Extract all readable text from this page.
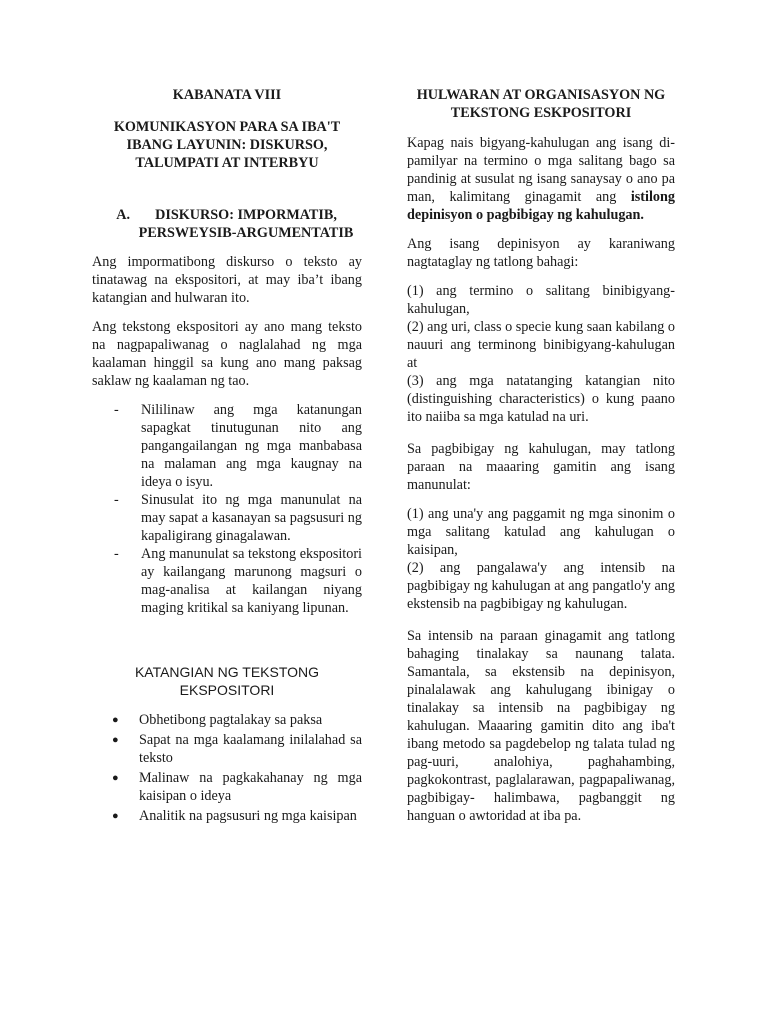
KABANATA VIII
KOMUNIKASYON PARA SA IBA'T IBANG LAYUNIN: DISKURSO, TALUMPATI AT INTERBYU
A.	DISKURSO: IMPORMATIB, PERSWEYSIB-ARGUMENTATIB

Ang impormatibong diskurso o teksto ay tinatawag na ekspositori, at may iba’t ibang katangian and hulwaran ito.

Ang tekstong ekspositori ay ano mang teksto na nagpapaliwanag o naglalahad ng mga kaalaman hinggil sa kung ano mang paksag saklaw ng kaalaman ng tao.

-	Nililinaw ang mga katanungan sapagkat tinutugunan nito ang pangangailangan ng mga manbabasa na malaman ang mga kaugnay na ideya o isyu.
-	Sinusulat ito ng mga manunulat na may sapat a kasanayan sa pagsusuri ng kapaligirang ginagalawan.
-	Ang manunulat sa tekstong ekspositori ay kailangang marunong magsuri o mag-analisa at kailangan niyang maging kritikal sa kaniyang lipunan.
KATANGIAN NG TEKSTONG EKSPOSITORI
●	Obhetibong pagtalakay sa paksa
●	Sapat na mga kaalamang inilalahad sa teksto
●	Malinaw na pagkakahanay ng mga kaisipan o ideya
●	Analitik na pagsusuri ng mga kaisipan
HULWARAN AT ORGANISASYON NG TEKSTONG ESKPOSITORI

Kapag nais bigyang-kahulugan ang isang di-pamilyar na termino o mga salitang bago sa pandinig at susulat ng isang sanaysay o ano pa man, kalimitang ginagamit ang istilong depinisyon o pagbibigay ng kahulugan.

Ang isang depinisyon ay karaniwang nagtataglay ng tatlong bahagi:

(1) ang termino o salitang binibigyang-kahulugan,
(2) ang uri, class o specie kung saan kabilang o nauuri ang terminong binibigyang-kahulugan at
(3) ang mga natatanging katangian nito (distinguishing characteristics) o kung paano ito naiiba sa mga katulad na uri.

Sa pagbibigay ng kahulugan, may tatlong paraan na maaaring gamitin ang isang manunulat:

(1) ang una'y ang paggamit ng mga sinonim o mga salitang katulad ang kahulugan o kaisipan,
(2) ang pangalawa'y ang intensib na pagbibigay ng kahulugan at ang pangatlo'y ang ekstensib na pagbibigay ng kahulugan.

Sa intensib na paraan ginagamit ang tatlong bahaging tinalakay sa naunang talata. Samantala, sa ekstensib na depinisyon, pinalalawak ang kahulugang ibinigay o tinalakay sa intensib na pagbibigay ng kahulugan. Maaaring gamitin dito ang iba't ibang metodo sa pagdebelop ng talata tulad ng pag-uuri, analohiya, paghahambing, pagkokontrast, paglalarawan, pagpapaliwanag, pagbibigay- halimbawa, pagbanggit ng hanguan o awtoridad at iba pa.
